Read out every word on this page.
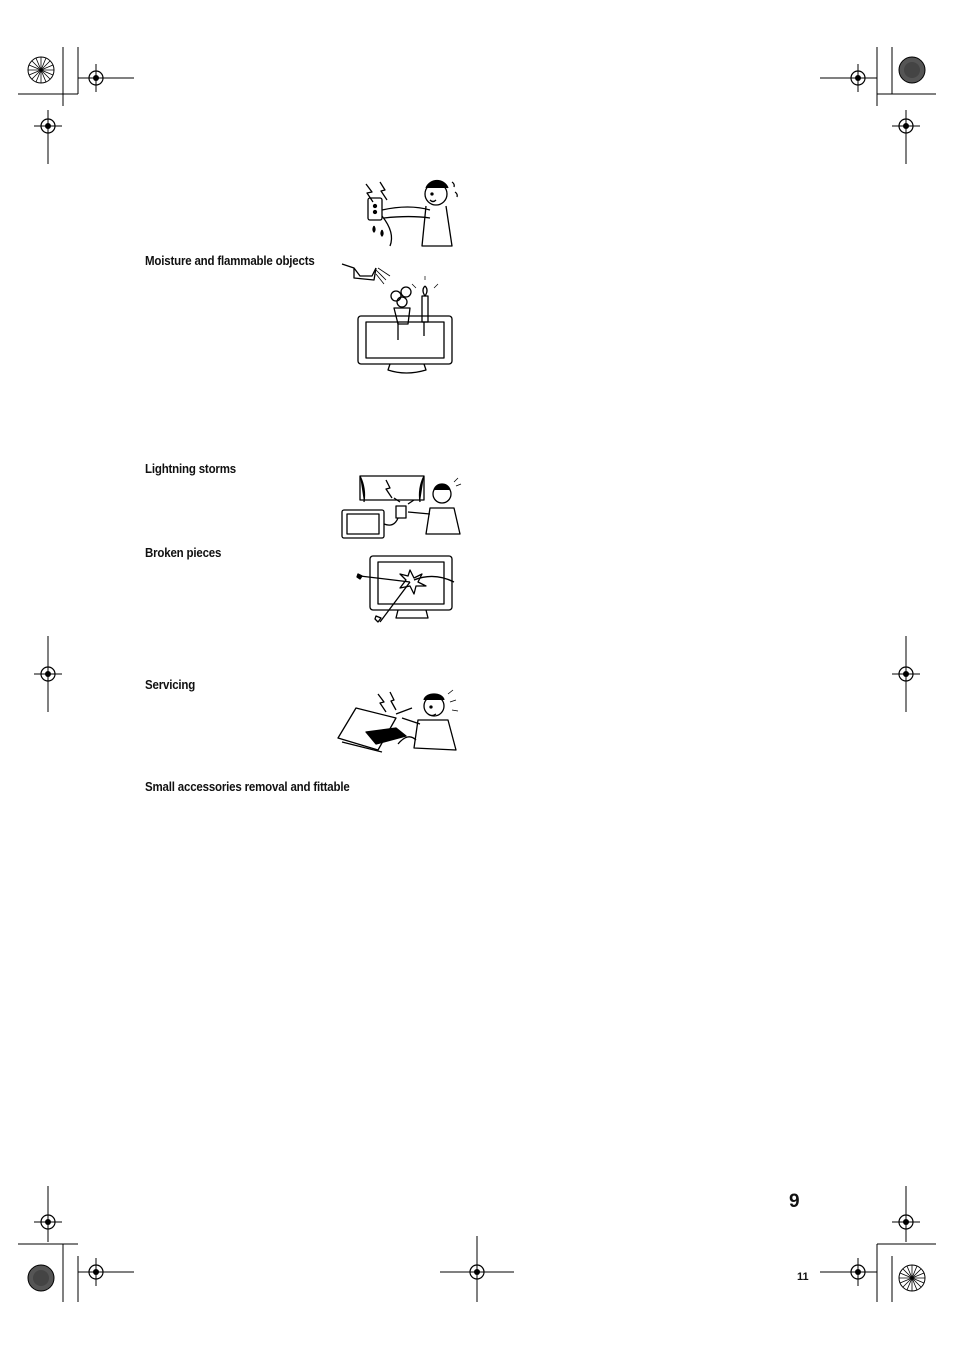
Moisture and flammable objects
Lightning storms
Broken pieces
Servicing
Small accessories removal and fittable
9
11
